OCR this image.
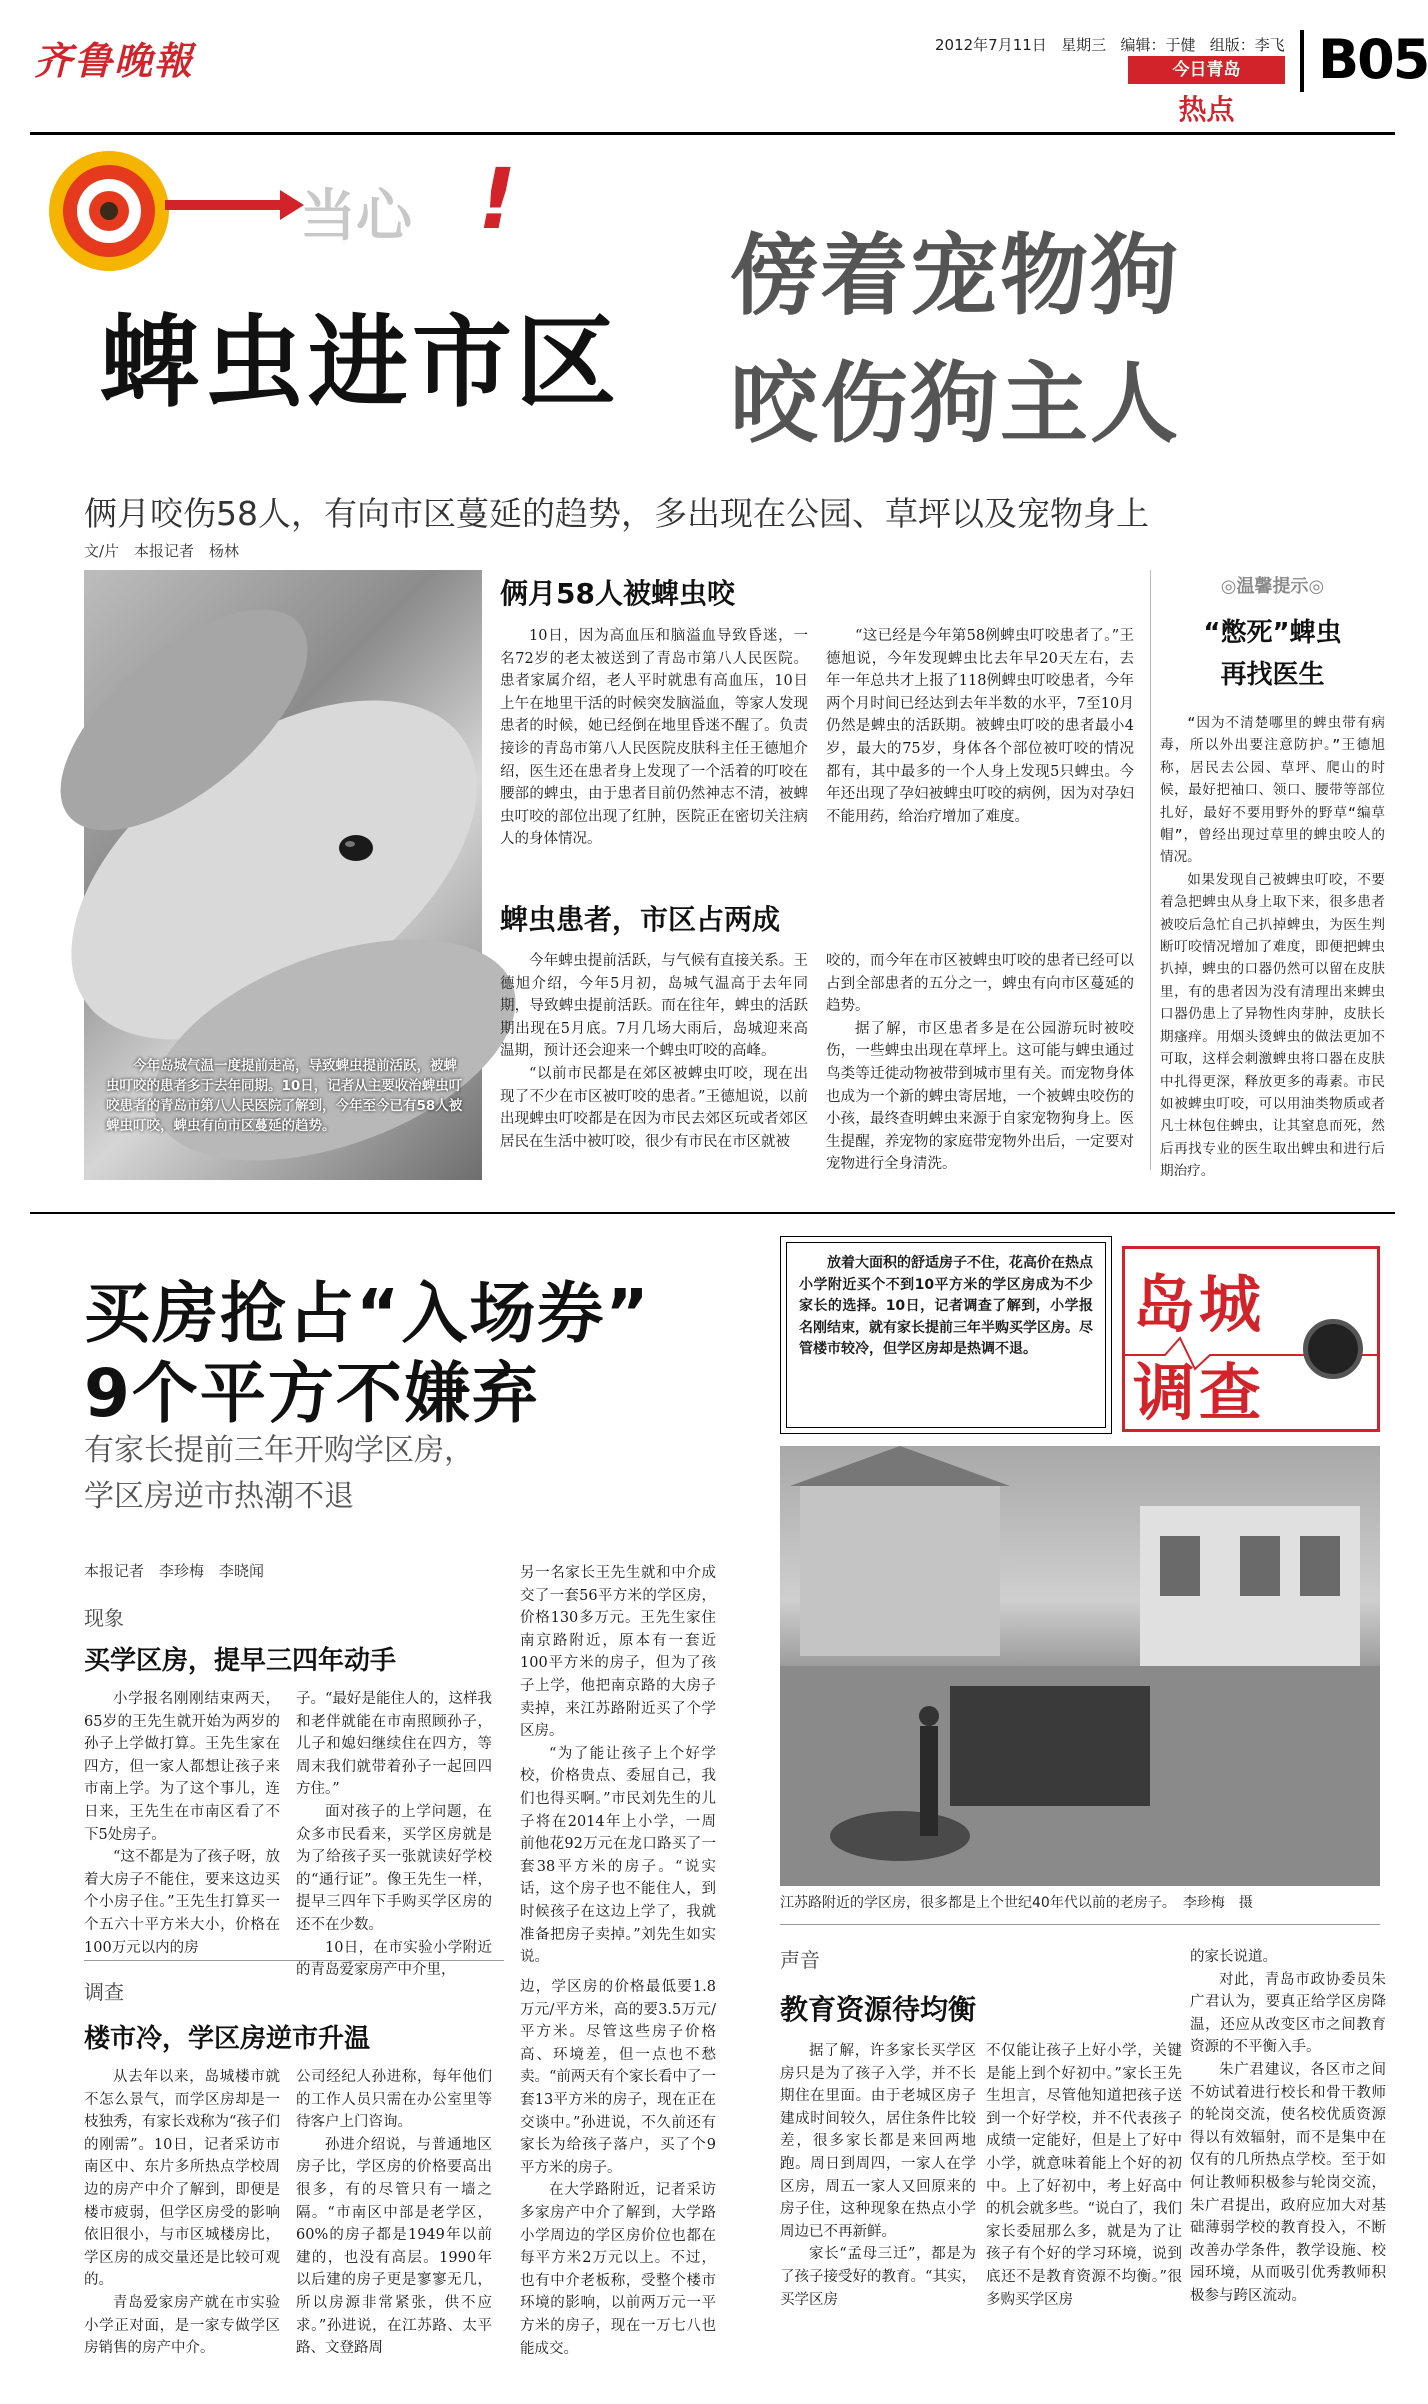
齐鲁晚報	2012年7月11日 星期三 编辑：于健 组版：李飞
今日青岛
热点
B05
当心 !
蜱虫进市区
傍着宠物狗
咬伤狗主人
俩月咬伤58人，有向市区蔓延的趋势，多出现在公园、草坪以及宠物身上
文/片　本报记者　杨林
今年岛城气温一度提前走高，导致蜱虫提前活跃，被蜱虫叮咬的患者多于去年同期。10日，记者从主要收治蜱虫叮咬患者的青岛市第八人民医院了解到，今年至今已有58人被蜱虫叮咬，蜱虫有向市区蔓延的趋势。
俩月58人被蜱虫咬

10日，因为高血压和脑溢血导致昏迷，一名72岁的老太被送到了青岛市第八人民医院。患者家属介绍，老人平时就患有高血压，10日上午在地里干活的时候突发脑溢血，等家人发现患者的时候，她已经倒在地里昏迷不醒了。负责接诊的青岛市第八人民医院皮肤科主任王德旭介绍，医生还在患者身上发现了一个活着的叮咬在腰部的蜱虫，由于患者目前仍然神志不清，被蜱虫叮咬的部位出现了红肿，医院正在密切关注病人的身体情况。

“这已经是今年第58例蜱虫叮咬患者了。”王德旭说，今年发现蜱虫比去年早20天左右，去年一年总共才上报了118例蜱虫叮咬患者，今年两个月时间已经达到去年半数的水平，7至10月仍然是蜱虫的活跃期。被蜱虫叮咬的患者最小4岁，最大的75岁，身体各个部位被叮咬的情况都有，其中最多的一个人身上发现5只蜱虫。今年还出现了孕妇被蜱虫叮咬的病例，因为对孕妇不能用药，给治疗增加了难度。

蜱虫患者，市区占两成

今年蜱虫提前活跃，与气候有直接关系。王德旭介绍，今年5月初，岛城气温高于去年同期，导致蜱虫提前活跃。而在往年，蜱虫的活跃期出现在5月底。7月几场大雨后，岛城迎来高温期，预计还会迎来一个蜱虫叮咬的高峰。

“以前市民都是在郊区被蜱虫叮咬，现在出现了不少在市区被叮咬的患者。”王德旭说，以前出现蜱虫叮咬都是在因为市民去郊区玩或者郊区居民在生活中被叮咬，很少有市民在市区就被

咬的，而今年在市区被蜱虫叮咬的患者已经可以占到全部患者的五分之一，蜱虫有向市区蔓延的趋势。

据了解，市区患者多是在公园游玩时被咬伤，一些蜱虫出现在草坪上。这可能与蜱虫通过鸟类等迁徙动物被带到城市里有关。而宠物身体也成为一个新的蜱虫寄居地，一个被蜱虫咬伤的小孩，最终查明蜱虫来源于自家宠物狗身上。医生提醒，养宠物的家庭带宠物外出后，一定要对宠物进行全身清洗。

◎温馨提示◎
“憋死”蜱虫
再找医生

“因为不清楚哪里的蜱虫带有病毒，所以外出要注意防护。”王德旭称，居民去公园、草坪、爬山的时候，最好把袖口、领口、腰带等部位扎好，最好不要用野外的野草“编草帽”，曾经出现过草里的蜱虫咬人的情况。

如果发现自己被蜱虫叮咬，不要着急把蜱虫从身上取下来，很多患者被咬后急忙自己扒掉蜱虫，为医生判断叮咬情况增加了难度，即便把蜱虫扒掉，蜱虫的口器仍然可以留在皮肤里，有的患者因为没有清理出来蜱虫口器仍患上了异物性肉芽肿，皮肤长期瘙痒。用烟头烫蜱虫的做法更加不可取，这样会刺激蜱虫将口器在皮肤中扎得更深，释放更多的毒素。市民如被蜱虫叮咬，可以用油类物质或者凡士林包住蜱虫，让其窒息而死，然后再找专业的医生取出蜱虫和进行后期治疗。

买房抢占“入场券”
9个平方不嫌弃
有家长提前三年开购学区房，
学区房逆市热潮不退
本报记者　李珍梅　李晓闻
放着大面积的舒适房子不住，花高价在热点小学附近买个不到10平方米的学区房成为不少家长的选择。10日，记者调查了解到，小学报名刚结束，就有家长提前三年半购买学区房。尽管楼市较冷，但学区房却是热调不退。
岛城
调查
江苏路附近的学区房，很多都是上个世纪40年代以前的老房子。　李珍梅　摄
现象
买学区房，提早三四年动手

小学报名刚刚结束两天，65岁的王先生就开始为两岁的孙子上学做打算。王先生家在四方，但一家人都想让孩子来市南上学。为了这个事儿，连日来，王先生在市南区看了不下5处房子。

“这不都是为了孩子呀，放着大房子不能住，要来这边买个小房子住。”王先生打算买一个五六十平方米大小，价格在100万元以内的房

子。“最好是能住人的，这样我和老伴就能在市南照顾孙子，儿子和媳妇继续住在四方，等周末我们就带着孙子一起回四方住。”

面对孩子的上学问题，在众多市民看来，买学区房就是为了给孩子买一张就读好学校的“通行证”。像王先生一样，提早三四年下手购买学区房的还不在少数。

10日，在市实验小学附近的青岛爱家房产中介里，

另一名家长王先生就和中介成交了一套56平方米的学区房，价格130多万元。王先生家住南京路附近，原本有一套近100平方米的房子，但为了孩子上学，他把南京路的大房子卖掉，来江苏路附近买了个学区房。

“为了能让孩子上个好学校，价格贵点、委屈自己，我们也得买啊。”市民刘先生的儿子将在2014年上小学，一周前他花92万元在龙口路买了一套38平方米的房子。“说实话，这个房子也不能住人，到时候孩子在这边上学了，我就准备把房子卖掉。”刘先生如实说。

调查
楼市冷，学区房逆市升温

从去年以来，岛城楼市就不怎么景气，而学区房却是一枝独秀，有家长戏称为“孩子们的刚需”。10日，记者采访市南区中、东片多所热点学校周边的房产中介了解到，即便是楼市疲弱，但学区房受的影响依旧很小，与市区城楼房比，学区房的成交量还是比较可观的。

青岛爱家房产就在市实验小学正对面，是一家专做学区房销售的房产中介。

公司经纪人孙进称，每年他们的工作人员只需在办公室里等待客户上门咨询。

孙进介绍说，与普通地区房子比，学区房的价格要高出很多，有的尽管只有一墙之隔。“市南区中部是老学区，60%的房子都是1949年以前建的，也没有高层。1990年以后建的房子更是寥寥无几，所以房源非常紧张，供不应求。”孙进说，在江苏路、太平路、文登路周

边，学区房的价格最低要1.8万元/平方米，高的要3.5万元/平方米。尽管这些房子价格高、环境差，但一点也不愁卖。“前两天有个家长看中了一套13平方米的房子，现在正在交谈中。”孙进说，不久前还有家长为给孩子落户，买了个9平方米的房子。

在大学路附近，记者采访多家房产中介了解到，大学路小学周边的学区房价位也都在每平方米2万元以上。不过，也有中介老板称，受整个楼市环境的影响，以前两万元一平方米的房子，现在一万七八也能成交。

声音
教育资源待均衡

据了解，许多家长买学区房只是为了孩子入学，并不长期住在里面。由于老城区房子建成时间较久，居住条件比较差，很多家长都是来回两地跑。周日到周四，一家人在学区房，周五一家人又回原来的房子住，这种现象在热点小学周边已不再新鲜。

家长“孟母三迁”，都是为了孩子接受好的教育。“其实，买学区房

不仅能让孩子上好小学，关键是能上到个好初中。”家长王先生坦言，尽管他知道把孩子送到一个好学校，并不代表孩子成绩一定能好，但是上了好中小学，就意味着能上个好的初中。上了好初中，考上好高中的机会就多些。“说白了，我们家长委屈那么多，就是为了让孩子有个好的学习环境，说到底还不是教育资源不均衡。”很多购买学区房

的家长说道。

对此，青岛市政协委员朱广君认为，要真正给学区房降温，还应从改变区市之间教育资源的不平衡入手。

朱广君建议，各区市之间不妨试着进行校长和骨干教师的轮岗交流，使名校优质资源得以有效辐射，而不是集中在仅有的几所热点学校。至于如何让教师积极参与轮岗交流，朱广君提出，政府应加大对基础薄弱学校的教育投入，不断改善办学条件，教学设施、校园环境，从而吸引优秀教师积极参与跨区流动。
